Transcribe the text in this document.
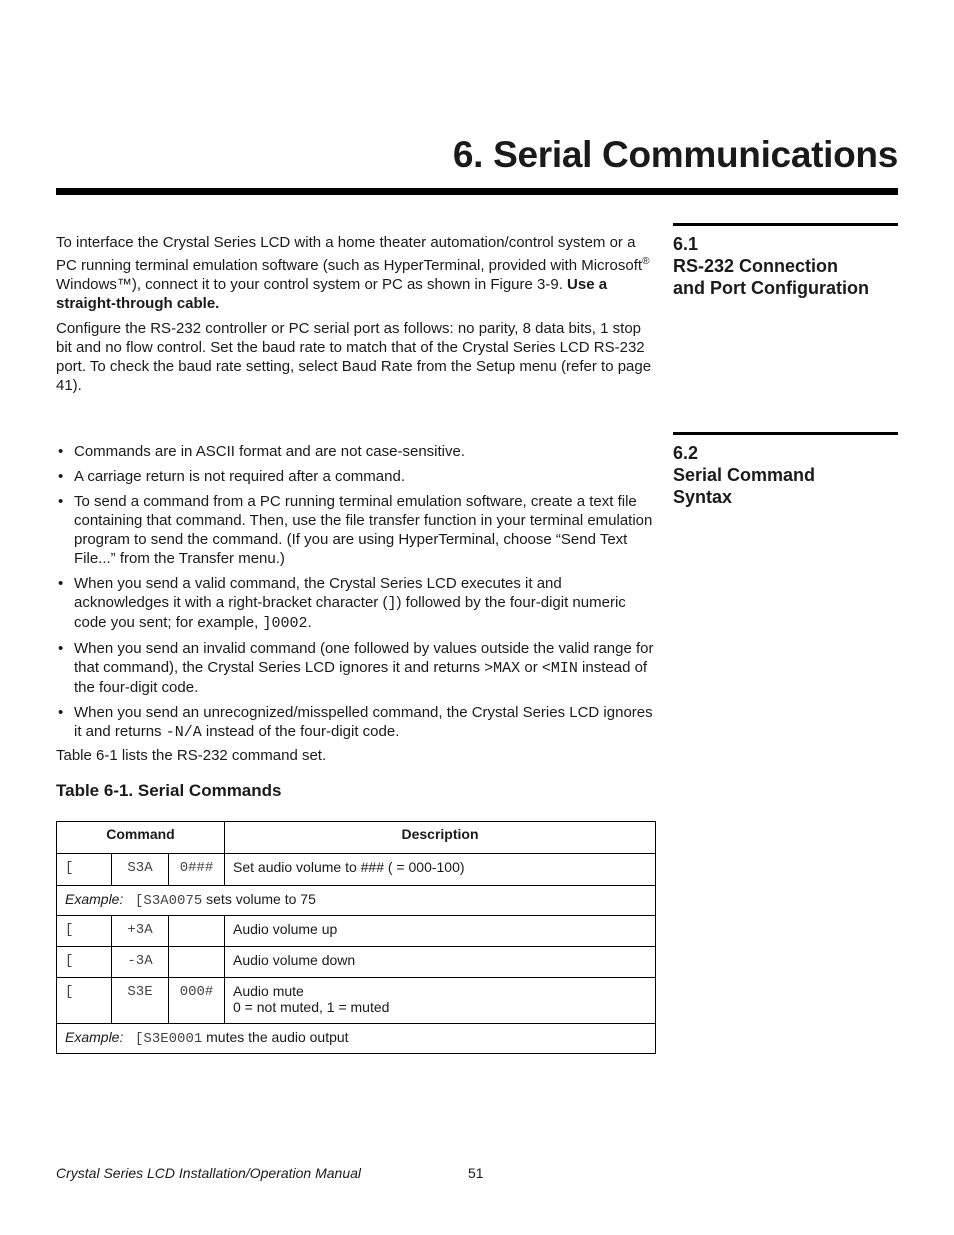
6. Serial Communications
6.1
RS-232 Connection
and Port Configuration

To interface the Crystal Series LCD with a home theater automation/control system or a PC running terminal emulation software (such as HyperTerminal, provided with Microsoft® Windows™), connect it to your control system or PC as shown in Figure 3-9. Use a straight-through cable.

Configure the RS-232 controller or PC serial port as follows: no parity, 8 data bits, 1 stop bit and no flow control. Set the baud rate to match that of the Crystal Series LCD RS-232 port. To check the baud rate setting, select Baud Rate from the Setup menu (refer to page 41).

6.2
Serial Command
Syntax
• Commands are in ASCII format and are not case-sensitive.
• A carriage return is not required after a command.
• To send a command from a PC running terminal emulation software, create a text file containing that command. Then, use the file transfer function in your terminal emulation program to send the command. (If you are using HyperTerminal, choose “Send Text File...” from the Transfer menu.)
• When you send a valid command, the Crystal Series LCD executes it and acknowledges it with a right-bracket character (]) followed by the four-digit numeric code you sent; for example, ]0002.
• When you send an invalid command (one followed by values outside the valid range for that command), the Crystal Series LCD ignores it and returns >MAX or <MIN instead of the four-digit code.
• When you send an unrecognized/misspelled command, the Crystal Series LCD ignores it and returns -N/A instead of the four-digit code.

Table 6-1 lists the RS-232 command set.

Table 6-1. Serial Commands

Command			Description
[	S3A	0###	Set audio volume to ### ( = 000-100)
Example: [S3A0075 sets volume to 75			
[	+3A		Audio volume up
[	-3A		Audio volume down
[	S3E	000#	Audio mute
0 = not muted, 1 = muted
Example: [S3E0001 mutes the audio output			
Crystal Series LCD Installation/Operation Manual	51
